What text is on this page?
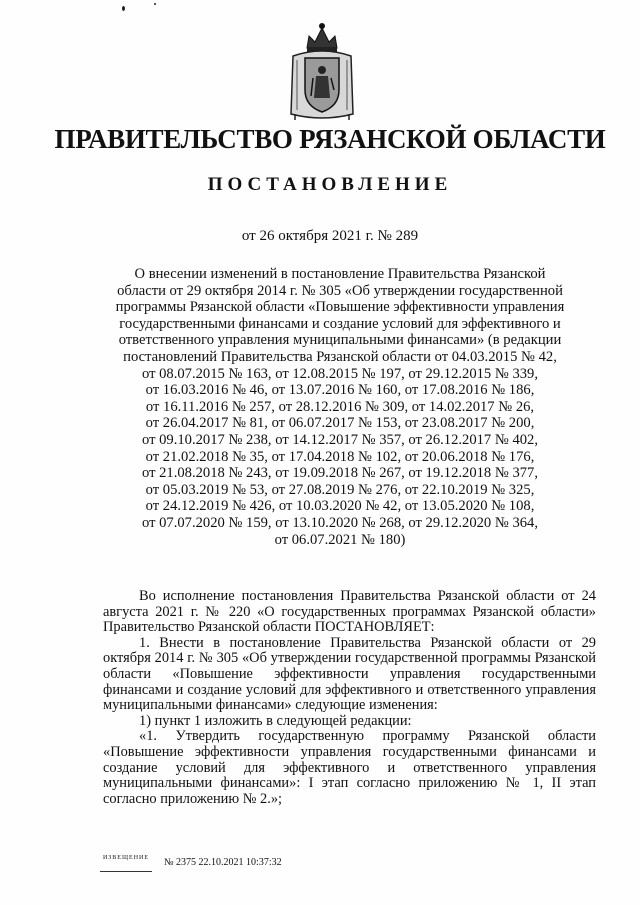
ПРАВИТЕЛЬСТВО РЯЗАНСКОЙ ОБЛАСТИ
ПОСТАНОВЛЕНИЕ
от 26 октября 2021 г. № 289
О внесении изменений в постановление Правительства Рязанской
области от 29 октября 2014 г. № 305 «Об утверждении государственной
программы Рязанской области «Повышение эффективности управления
государственными финансами и создание условий для эффективного и
ответственного управления муниципальными финансами» (в редакции
постановлений Правительства Рязанской области от 04.03.2015 № 42,
от 08.07.2015 № 163, от 12.08.2015 № 197, от 29.12.2015 № 339,
от 16.03.2016 № 46, от 13.07.2016 № 160, от 17.08.2016 № 186,
от 16.11.2016 № 257, от 28.12.2016 № 309, от 14.02.2017 № 26,
от 26.04.2017 № 81, от 06.07.2017 № 153, от 23.08.2017 № 200,
от 09.10.2017 № 238, от 14.12.2017 № 357, от 26.12.2017 № 402,
от 21.02.2018 № 35, от 17.04.2018 № 102, от 20.06.2018 № 176,
от 21.08.2018 № 243, от 19.09.2018 № 267, от 19.12.2018 № 377,
от 05.03.2019 № 53, от 27.08.2019 № 276, от 22.10.2019 № 325,
от 24.12.2019 № 426, от 10.03.2020 № 42, от 13.05.2020 № 108,
от 07.07.2020 № 159, от 13.10.2020 № 268, от 29.12.2020 № 364,
от 06.07.2021 № 180)

Во исполнение постановления Правительства Рязанской области от 24 августа 2021 г. № 220 «О государственных программах Рязанской области» Правительство Рязанской области ПОСТАНОВЛЯЕТ:

1. Внести в постановление Правительства Рязанской области от 29 октября 2014 г. № 305 «Об утверждении государственной программы Рязанской области «Повышение эффективности управления государственными финансами и создание условий для эффективного и ответственного управления муниципальными финансами» следующие изменения:

1) пункт 1 изложить в следующей редакции:

«1. Утвердить государственную программу Рязанской области «Повышение эффективности управления государственными финансами и создание условий для эффективного и ответственного управления муниципальными финансами»: I этап согласно приложению № 1, II этап согласно приложению № 2.»;

ИЗВЕЩЕНИЕ № 2375 22.10.2021 10:37:32
